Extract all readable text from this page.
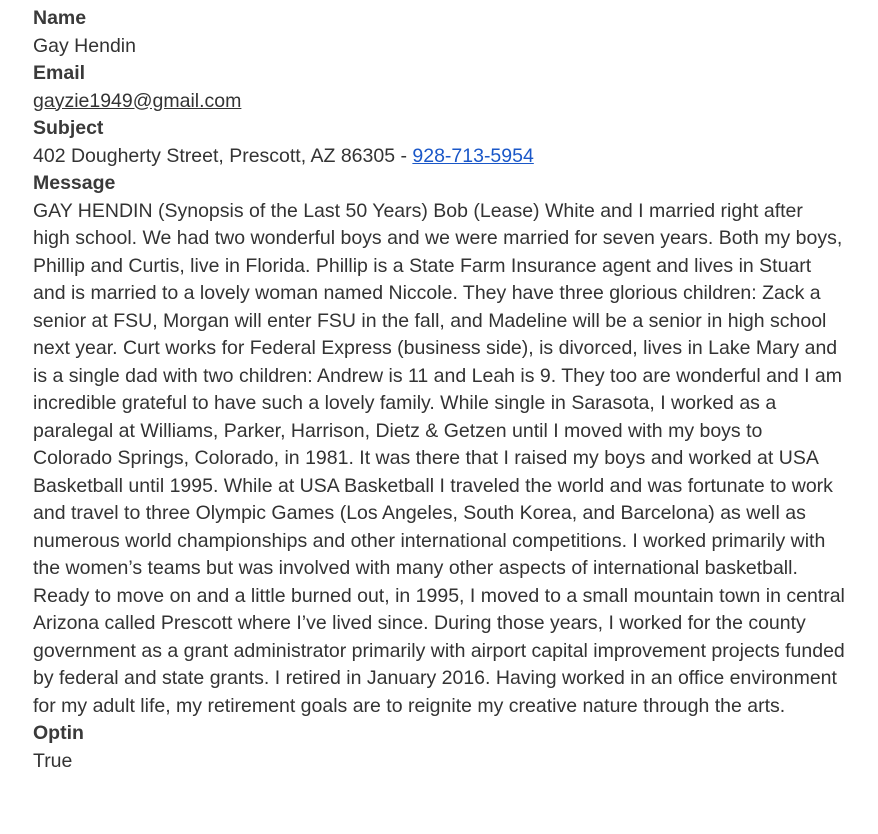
Name
Gay Hendin
Email
gayzie1949@gmail.com
Subject
402 Dougherty Street, Prescott, AZ 86305 - 928-713-5954
Message

GAY HENDIN (Synopsis of the Last 50 Years) Bob (Lease) White and I married right after high school. We had two wonderful boys and we were married for seven years. Both my boys, Phillip and Curtis, live in Florida. Phillip is a State Farm Insurance agent and lives in Stuart and is married to a lovely woman named Niccole. They have three glorious children: Zack a senior at FSU, Morgan will enter FSU in the fall, and Madeline will be a senior in high school next year. Curt works for Federal Express (business side), is divorced, lives in Lake Mary and is a single dad with two children: Andrew is 11 and Leah is 9. They too are wonderful and I am incredible grateful to have such a lovely family. While single in Sarasota, I worked as a paralegal at Williams, Parker, Harrison, Dietz & Getzen until I moved with my boys to Colorado Springs, Colorado, in 1981. It was there that I raised my boys and worked at USA Basketball until 1995. While at USA Basketball I traveled the world and was fortunate to work and travel to three Olympic Games (Los Angeles, South Korea, and Barcelona) as well as numerous world championships and other international competitions. I worked primarily with the women’s teams but was involved with many other aspects of international basketball. Ready to move on and a little burned out, in 1995, I moved to a small mountain town in central Arizona called Prescott where I’ve lived since. During those years, I worked for the county government as a grant administrator primarily with airport capital improvement projects funded by federal and state grants. I retired in January 2016. Having worked in an office environment for my adult life, my retirement goals are to reignite my creative nature through the arts.

Optin
True
